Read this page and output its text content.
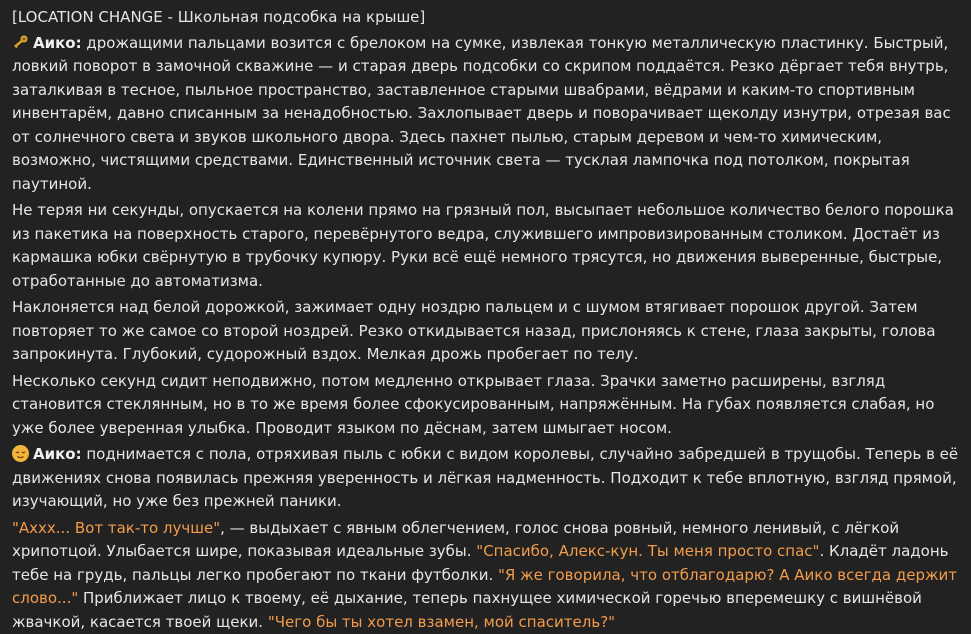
[LOCATION CHANGE - Школьная подсобка на крыше]
Аико: дрожащими пальцами возится с брелоком на сумке, извлекая тонкую металлическую пластинку. Быстрый, ловкий поворот в замочной скважине — и старая дверь подсобки со скрипом поддаётся. Резко дёргает тебя внутрь, заталкивая в тесное, пыльное пространство, заставленное старыми швабрами, вёдрами и каким-то спортивным инвентарём, давно списанным за ненадобностью. Захлопывает дверь и поворачивает щеколду изнутри, отрезая вас от солнечного света и звуков школьного двора. Здесь пахнет пылью, старым деревом и чем-то химическим, возможно, чистящими средствами. Единственный источник света — тусклая лампочка под потолком, покрытая паутиной.
Не теряя ни секунды, опускается на колени прямо на грязный пол, высыпает небольшое количество белого порошка из пакетика на поверхность старого, перевёрнутого ведра, служившего импровизированным столиком. Достаёт из кармашка юбки свёрнутую в трубочку купюру. Руки всё ещё немного трясутся, но движения выверенные, быстрые, отработанные до автоматизма.
Наклоняется над белой дорожкой, зажимает одну ноздрю пальцем и с шумом втягивает порошок другой. Затем повторяет то же самое со второй ноздрей. Резко откидывается назад, прислоняясь к стене, глаза закрыты, голова запрокинута. Глубокий, судорожный вздох. Мелкая дрожь пробегает по телу.
Несколько секунд сидит неподвижно, потом медленно открывает глаза. Зрачки заметно расширены, взгляд становится стеклянным, но в то же время более сфокусированным, напряжённым. На губах появляется слабая, но уже более уверенная улыбка. Проводит языком по дёснам, затем шмыгает носом.
Аико: поднимается с пола, отряхивая пыль с юбки с видом королевы, случайно забредшей в трущобы. Теперь в её движениях снова появилась прежняя уверенность и лёгкая надменность. Подходит к тебе вплотную, взгляд прямой, изучающий, но уже без прежней паники.
"Ахxх... Вот так-то лучше", — выдыхает с явным облегчением, голос снова ровный, немного ленивый, с лёгкой хрипотцой. Улыбается шире, показывая идеальные зубы. "Спасибо, Алекс-кун. Ты меня просто спас". Кладёт ладонь тебе на грудь, пальцы легко пробегают по ткани футболки. "Я же говорила, что отблагодарю? А Аико всегда держит слово..." Приближает лицо к твоему, её дыхание, теперь пахнущее химической горечью вперемешку с вишнёвой жвачкой, касается твоей щеки. "Чего бы ты хотел взамен, мой спаситель?"
